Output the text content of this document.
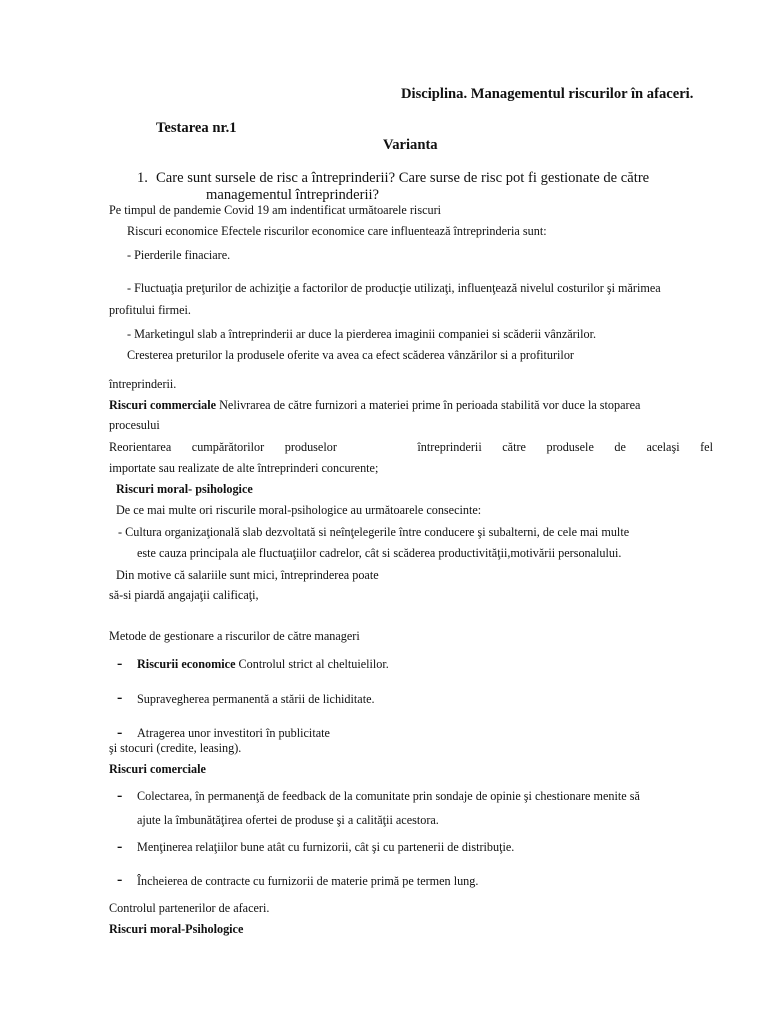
Disciplina. Managementul riscurilor în afaceri.
Testarea nr.1
Varianta
1. Care sunt sursele de risc a întreprinderii? Care surse de risc pot fi gestionate de către
managementul întreprinderii?
Pe timpul de pandemie Covid 19 am indentificat următoarele riscuri
Riscuri economice Efectele riscurilor economice care influentează întreprinderia sunt:
- Pierderile finaciare.
- Fluctuaţia preţurilor de achiziţie a factorilor de producţie utilizaţi, influenţează nivelul costurilor şi mărimea
profitului firmei.
- Marketingul slab a întreprinderii ar duce la pierderea imaginii companiei si scăderii vânzărilor.
Cresterea preturilor la produsele oferite va avea ca efect scăderea vânzărilor si a profiturilor
întreprinderii.
Riscuri commerciale Nelivrarea de către furnizori a materiei prime în perioada stabilită vor duce la stoparea
procesului
Reorientarea cumpărătorilor produselor	întreprinderii către produsele de acelaşi fel
importate sau realizate de alte întreprinderi concurente;
Riscuri moral- psihologice
De ce mai multe ori riscurile moral-psihologice au următoarele consecinte:
- Cultura organizaţională slab dezvoltată si neînţelegerile între conducere şi subalterni, de cele mai multe
este cauza principala ale fluctuaţiilor cadrelor, cât si scăderea productivităţii,motivării personalului.
Din motive că salariile sunt mici, întreprinderea poate
să-si piardă angajaţii calificaţi,
Metode de gestionare a riscurilor de către manageri
- Riscurii economice Controlul strict al cheltuielilor.
- Supravegherea permanentă a stării de lichiditate.
- Atragerea unor investitori în publicitate
şi stocuri (credite, leasing).
Riscuri comerciale
- Colectarea, în permanenţă de feedback de la comunitate prin sondaje de opinie şi chestionare menite să
ajute la îmbunătăţirea ofertei de produse şi a calităţii acestora.
- Menţinerea relaţiilor bune atât cu furnizorii, cât şi cu partenerii de distribuţie.
- Încheierea de contracte cu furnizorii de materie primă pe termen lung.
Controlul partenerilor de afaceri.
Riscuri moral-Psihologice
